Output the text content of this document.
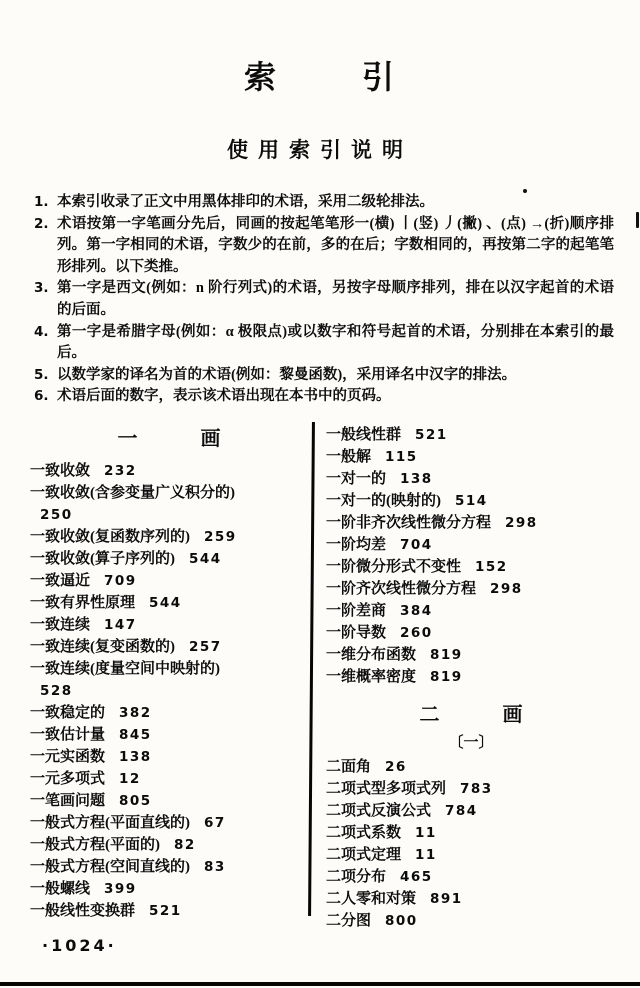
索 引
使用索引说明
1. 本索引收录了正文中用黑体排印的术语，采用二级轮排法。
2. 术语按第一字笔画分先后，同画的按起笔笔形一(横) 丨(竖) 丿(撇) 、(点) →(折)顺序排列。第一字相同的术语，字数少的在前，多的在后；字数相同的，再按第二字的起笔笔形排列。以下类推。
3. 第一字是西文(例如：n 阶行列式)的术语，另按字母顺序排列，排在以汉字起首的术语的后面。
4. 第一字是希腊字母(例如：α 极限点)或以数字和符号起首的术语，分别排在本索引的最后。
5. 以数学家的译名为首的术语(例如：黎曼函数)，采用译名中汉字的排法。
6. 术语后面的数字，表示该术语出现在本书中的页码。
一 画
一致收敛 232
一致收敛(含参变量广义积分的)
250
一致收敛(复函数序列的) 259
一致收敛(算子序列的) 544
一致逼近 709
一致有界性原理 544
一致连续 147
一致连续(复变函数的) 257
一致连续(度量空间中映射的)
528
一致稳定的 382
一致估计量 845
一元实函数 138
一元多项式 12
一笔画问题 805
一般式方程(平面直线的) 67
一般式方程(平面的) 82
一般式方程(空间直线的) 83
一般螺线 399
一般线性变换群 521
一般线性群 521
一般解 115
一对一的 138
一对一的(映射的) 514
一阶非齐次线性微分方程 298
一阶均差 704
一阶微分形式不变性 152
一阶齐次线性微分方程 298
一阶差商 384
一阶导数 260
一维分布函数 819
一维概率密度 819
二 画
〔一〕
二面角 26
二项式型多项式列 783
二项式反演公式 784
二项式系数 11
二项式定理 11
二项分布 465
二人零和对策 891
二分图 800
·1024·
